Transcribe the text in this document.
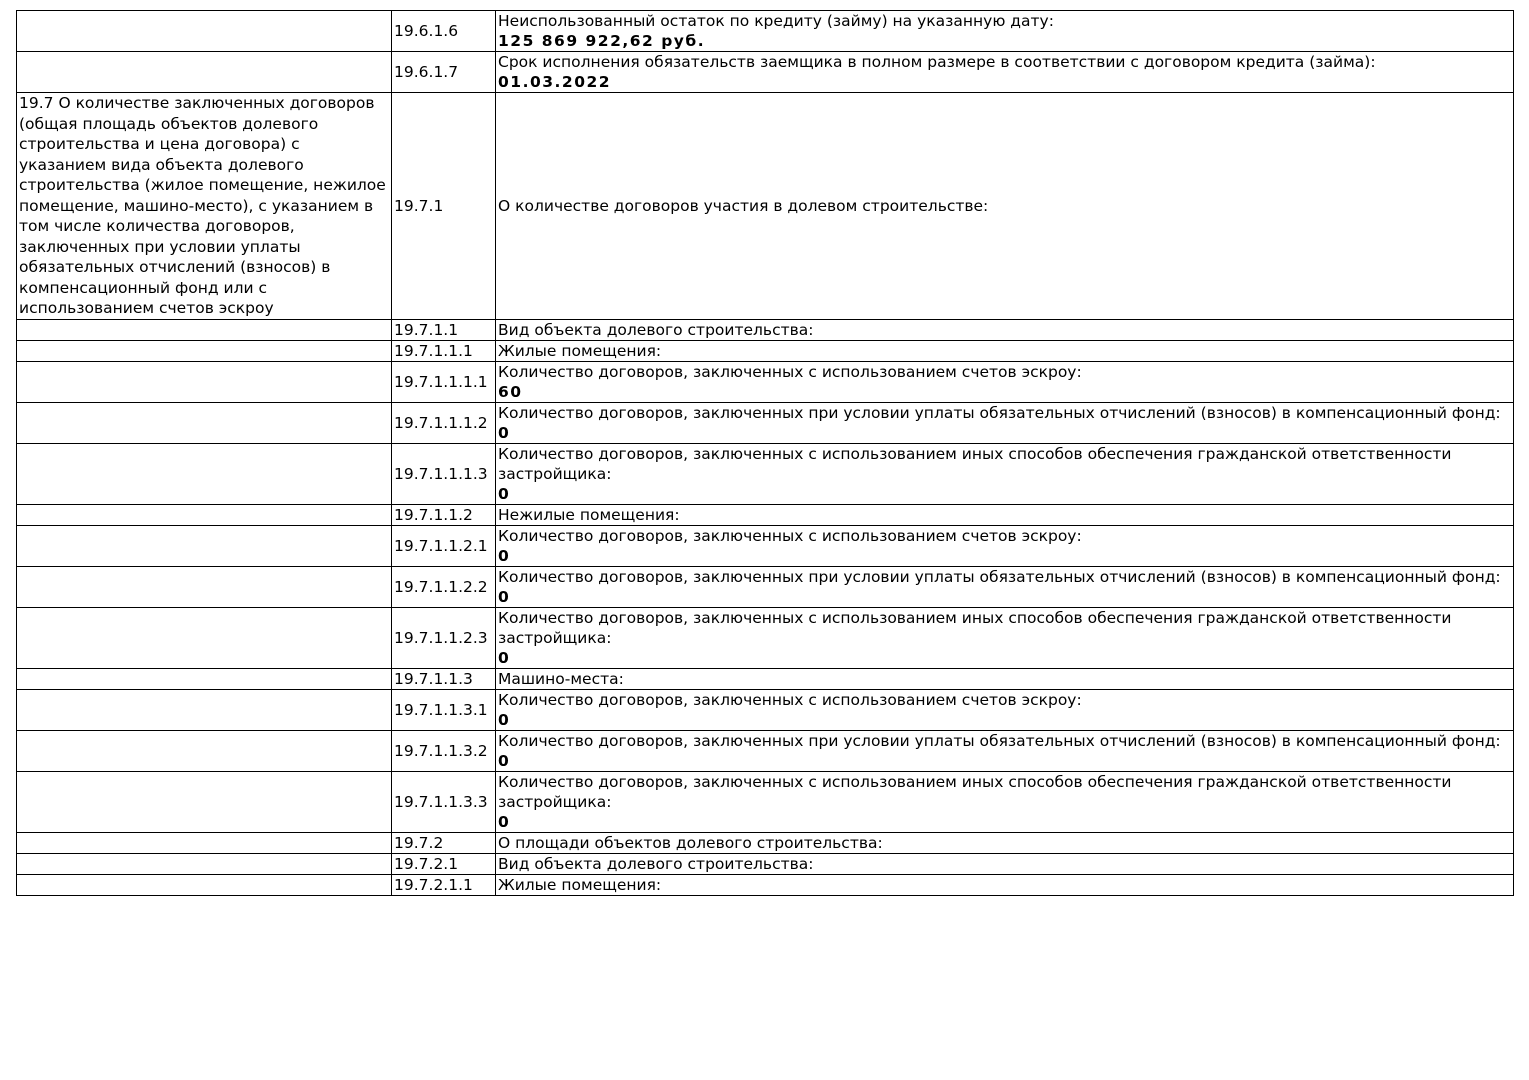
	19.6.1.6	Неиспользованный остаток по кредиту (займу) на указанную дату:
125 869 922,62 руб.

	19.6.1.7	Срок исполнения обязательств заемщика в полном размере в соответствии с договором кредита (займа):
01.03.2022

19.7 О количестве заключенных договоров (общая площадь объектов долевого строительства и цена договора) с указанием вида объекта долевого строительства (жилое помещение, нежилое помещение, машино-место), с указанием в том числе количества договоров, заключенных при условии уплаты обязательных отчислений (взносов) в компенсационный фонд или с использованием счетов эскроу	19.7.1	О количестве договоров участия в долевом строительстве:

	19.7.1.1	Вид объекта долевого строительства:

	19.7.1.1.1	Жилые помещения:

	19.7.1.1.1.1	Количество договоров, заключенных с использованием счетов эскроу:
60

	19.7.1.1.1.2	Количество договоров, заключенных при условии уплаты обязательных отчислений (взносов) в компенсационный фонд:
0

	19.7.1.1.1.3	Количество договоров, заключенных с использованием иных способов обеспечения гражданской ответственности застройщика:
0

	19.7.1.1.2	Нежилые помещения:

	19.7.1.1.2.1	Количество договоров, заключенных с использованием счетов эскроу:
0

	19.7.1.1.2.2	Количество договоров, заключенных при условии уплаты обязательных отчислений (взносов) в компенсационный фонд:
0

	19.7.1.1.2.3	Количество договоров, заключенных с использованием иных способов обеспечения гражданской ответственности застройщика:
0

	19.7.1.1.3	Машино-места:

	19.7.1.1.3.1	Количество договоров, заключенных с использованием счетов эскроу:
0

	19.7.1.1.3.2	Количество договоров, заключенных при условии уплаты обязательных отчислений (взносов) в компенсационный фонд:
0

	19.7.1.1.3.3	Количество договоров, заключенных с использованием иных способов обеспечения гражданской ответственности застройщика:
0

	19.7.2	О площади объектов долевого строительства:

	19.7.2.1	Вид объекта долевого строительства:

	19.7.2.1.1	Жилые помещения:
